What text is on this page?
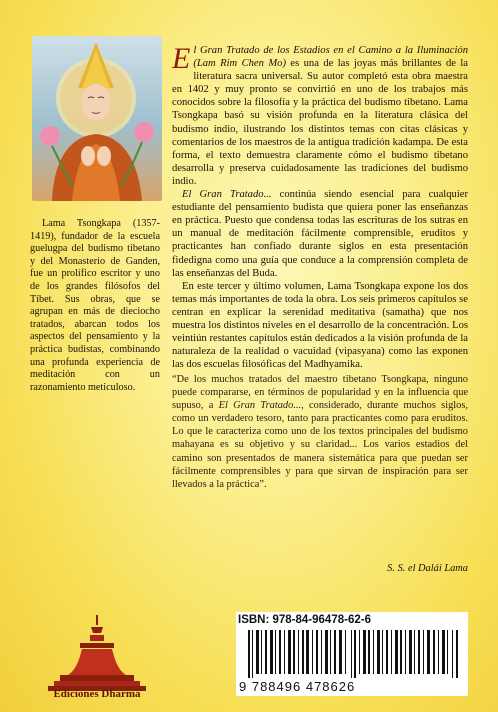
Lama Tsongkapa (1357-1419), fundador de la escuela guelugpa del budismo tibetano y del Monasterio de Ganden, fue un prolífico escritor y uno de los grandes filósofos del Tíbet. Sus obras, que se agrupan en más de dieciocho tratados, abarcan todos los aspectos del pensamiento y la práctica budistas, combinando una profunda experiencia de meditación con un razonamiento meticuloso.

El Gran Tratado de los Estadios en el Camino a la Iluminación (Lam Rim Chen Mo) es una de las joyas más brillantes de la literatura sacra universal. Su autor completó esta obra maestra en 1402 y muy pronto se convirtió en uno de los trabajos más conocidos sobre la filosofía y la práctica del budismo tibetano. Lama Tsongkapa basó su visión profunda en la literatura clásica del budismo indio, ilustrando los distintos temas con citas clásicas y comentarios de los maestros de la antigua tradición kadampa. De esta forma, el texto demuestra claramente cómo el budismo tibetano desarrolla y preserva cuidadosamente las tradiciones del budismo indio.

El Gran Tratado... continúa siendo esencial para cualquier estudiante del pensamiento budista que quiera poner las enseñanzas en práctica. Puesto que condensa todas las escrituras de los sutras en un manual de meditación fácilmente comprensible, eruditos y practicantes han confiado durante siglos en esta presentación fidedigna como una guía que conduce a la comprensión completa de las enseñanzas del Buda.

En este tercer y último volumen, Lama Tsongkapa expone los dos temas más importantes de toda la obra. Los seis primeros capítulos se centran en explicar la serenidad meditativa (samatha) que nos muestra los distintos niveles en el desarrollo de la concentración. Los veintiún restantes capítulos están dedicados a la visión profunda de la naturaleza de la realidad o vacuidad (vipasyana) como las exponen las dos escuelas filosóficas del Madhyamika.

“De los muchos tratados del maestro tibetano Tsongkapa, ninguno puede compararse, en términos de popularidad y en la influencia que supuso, a El Gran Tratado..., considerado, durante muchos siglos, como un verdadero tesoro, tanto para practicantes como para eruditos. Lo que le caracteriza como uno de los textos principales del budismo mahayana es su objetivo y su claridad... Los varios estadios del camino son presentados de manera sistemática para que puedan ser fácilmente comprensibles y para que sirvan de inspiración para ser llevados a la práctica”.

S. S. el Dalái Lama
Ediciones Dharma
ISBN: 978-84-96478-62-6
9 788496 478626
